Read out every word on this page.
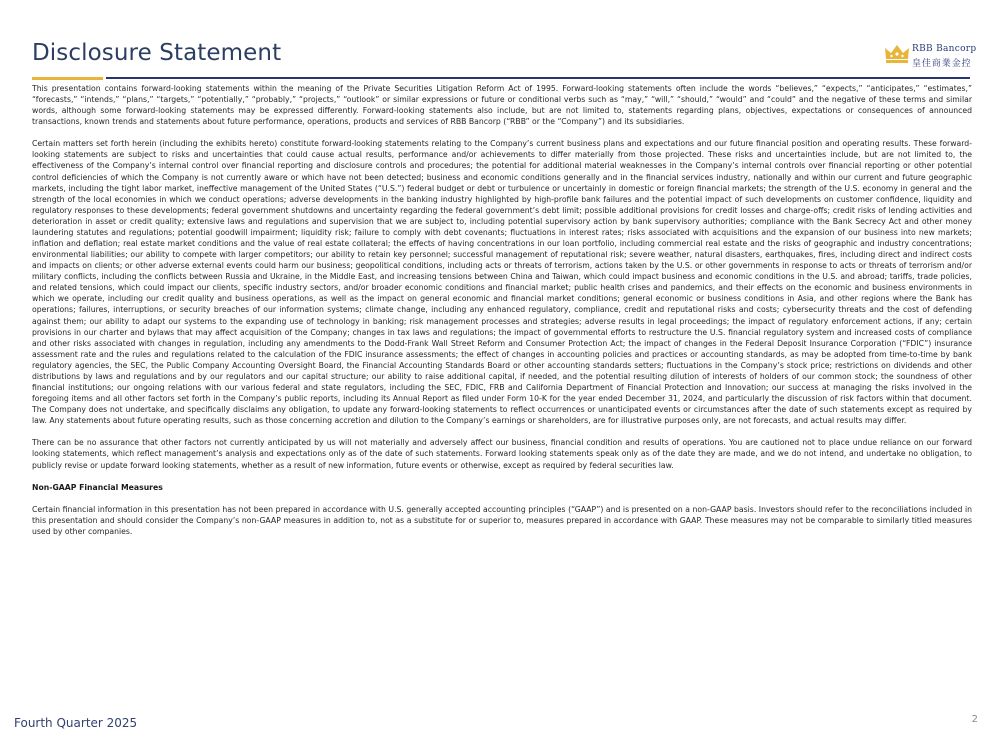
Disclosure Statement	RBB Bancorp
皇佳商業金控

This presentation contains forward-looking statements within the meaning of the Private Securities Litigation Reform Act of 1995. Forward-looking statements often include the words “believes,” “expects,” “anticipates,” “estimates,” “forecasts,” “intends,” “plans,” “targets,” “potentially,” “probably,” “projects,” “outlook” or similar expressions or future or conditional verbs such as “may,” “will,” “should,” “would” and “could” and the negative of these terms and similar words, although some forward-looking statements may be expressed differently. Forward-looking statements also include, but are not limited to, statements regarding plans, objectives, expectations or consequences of announced transactions, known trends and statements about future performance, operations, products and services of RBB Bancorp (“RBB” or the “Company”) and its subsidiaries.

Certain matters set forth herein (including the exhibits hereto) constitute forward-looking statements relating to the Company’s current business plans and expectations and our future financial position and operating results. These forward-looking statements are subject to risks and uncertainties that could cause actual results, performance and/or achievements to differ materially from those projected. These risks and uncertainties include, but are not limited to, the effectiveness of the Company’s internal control over financial reporting and disclosure controls and procedures; the potential for additional material weaknesses in the Company’s internal controls over financial reporting or other potential control deficiencies of which the Company is not currently aware or which have not been detected; business and economic conditions generally and in the financial services industry, nationally and within our current and future geographic markets, including the tight labor market, ineffective management of the United States (“U.S.”) federal budget or debt or turbulence or uncertainly in domestic or foreign financial markets; the strength of the U.S. economy in general and the strength of the local economies in which we conduct operations; adverse developments in the banking industry highlighted by high-profile bank failures and the potential impact of such developments on customer confidence, liquidity and regulatory responses to these developments; federal government shutdowns and uncertainty regarding the federal government’s debt limit; possible additional provisions for credit losses and charge-offs; credit risks of lending activities and deterioration in asset or credit quality; extensive laws and regulations and supervision that we are subject to, including potential supervisory action by bank supervisory authorities; compliance with the Bank Secrecy Act and other money laundering statutes and regulations; potential goodwill impairment; liquidity risk; failure to comply with debt covenants; fluctuations in interest rates; risks associated with acquisitions and the expansion of our business into new markets; inflation and deflation; real estate market conditions and the value of real estate collateral; the effects of having concentrations in our loan portfolio, including commercial real estate and the risks of geographic and industry concentrations; environmental liabilities; our ability to compete with larger competitors; our ability to retain key personnel; successful management of reputational risk; severe weather, natural disasters, earthquakes, fires, including direct and indirect costs and impacts on clients; or other adverse external events could harm our business; geopolitical conditions, including acts or threats of terrorism, actions taken by the U.S. or other governments in response to acts or threats of terrorism and/or military conflicts, including the conflicts between Russia and Ukraine, in the Middle East, and increasing tensions between China and Taiwan, which could impact business and economic conditions in the U.S. and abroad; tariffs, trade policies, and related tensions, which could impact our clients, specific industry sectors, and/or broader economic conditions and financial market; public health crises and pandemics, and their effects on the economic and business environments in which we operate, including our credit quality and business operations, as well as the impact on general economic and financial market conditions; general economic or business conditions in Asia, and other regions where the Bank has operations; failures, interruptions, or security breaches of our information systems; climate change, including any enhanced regulatory, compliance, credit and reputational risks and costs; cybersecurity threats and the cost of defending against them; our ability to adapt our systems to the expanding use of technology in banking; risk management processes and strategies; adverse results in legal proceedings; the impact of regulatory enforcement actions, if any; certain provisions in our charter and bylaws that may affect acquisition of the Company; changes in tax laws and regulations; the impact of governmental efforts to restructure the U.S. financial regulatory system and increased costs of compliance and other risks associated with changes in regulation, including any amendments to the Dodd-Frank Wall Street Reform and Consumer Protection Act; the impact of changes in the Federal Deposit Insurance Corporation (“FDIC”) insurance assessment rate and the rules and regulations related to the calculation of the FDIC insurance assessments; the effect of changes in accounting policies and practices or accounting standards, as may be adopted from time-to-time by bank regulatory agencies, the SEC, the Public Company Accounting Oversight Board, the Financial Accounting Standards Board or other accounting standards setters; fluctuations in the Company’s stock price; restrictions on dividends and other distributions by laws and regulations and by our regulators and our capital structure; our ability to raise additional capital, if needed, and the potential resulting dilution of interests of holders of our common stock; the soundness of other financial institutions; our ongoing relations with our various federal and state regulators, including the SEC, FDIC, FRB and California Department of Financial Protection and Innovation; our success at managing the risks involved in the foregoing items and all other factors set forth in the Company’s public reports, including its Annual Report as filed under Form 10-K for the year ended December 31, 2024, and particularly the discussion of risk factors within that document. The Company does not undertake, and specifically disclaims any obligation, to update any forward-looking statements to reflect occurrences or unanticipated events or circumstances after the date of such statements except as required by law. Any statements about future operating results, such as those concerning accretion and dilution to the Company’s earnings or shareholders, are for illustrative purposes only, are not forecasts, and actual results may differ.

There can be no assurance that other factors not currently anticipated by us will not materially and adversely affect our business, financial condition and results of operations. You are cautioned not to place undue reliance on our forward looking statements, which reflect management’s analysis and expectations only as of the date of such statements. Forward looking statements speak only as of the date they are made, and we do not intend, and undertake no obligation, to publicly revise or update forward looking statements, whether as a result of new information, future events or otherwise, except as required by federal securities law.

Non-GAAP Financial Measures

Certain financial information in this presentation has not been prepared in accordance with U.S. generally accepted accounting principles (“GAAP”) and is presented on a non-GAAP basis. Investors should refer to the reconciliations included in this presentation and should consider the Company’s non-GAAP measures in addition to, not as a substitute for or superior to, measures prepared in accordance with GAAP. These measures may not be comparable to similarly titled measures used by other companies.

Fourth Quarter 2025	2
